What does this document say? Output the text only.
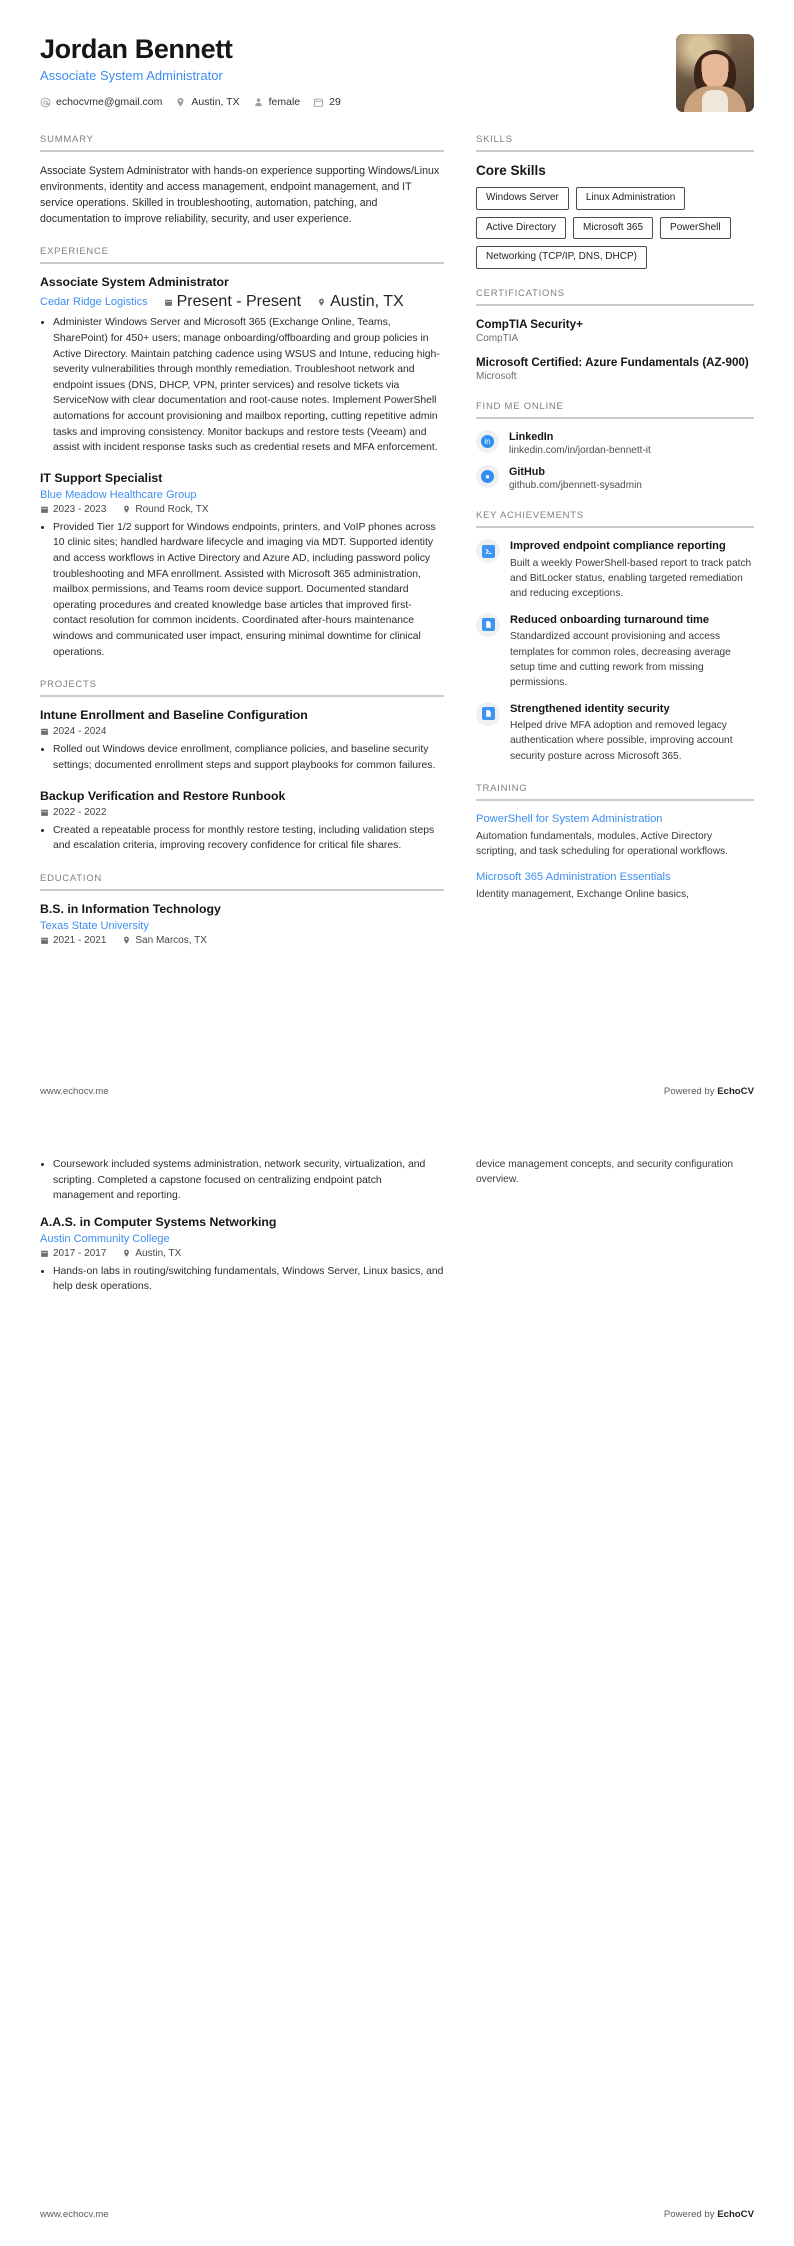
Jordan Bennett
Associate System Administrator
echocvme@gmail.com	Austin, TX	female	29
SUMMARY
Associate System Administrator with hands-on experience supporting Windows/Linux environments, identity and access management, endpoint management, and IT service operations. Skilled in troubleshooting, automation, patching, and documentation to improve reliability, security, and user experience.
EXPERIENCE
Associate System Administrator
Cedar Ridge Logistics Present - Present Austin, TX
• Administer Windows Server and Microsoft 365 (Exchange Online, Teams, SharePoint) for 450+ users; manage onboarding/offboarding and group policies in Active Directory. Maintain patching cadence using WSUS and Intune, reducing high-severity vulnerabilities through monthly remediation. Troubleshoot network and endpoint issues (DNS, DHCP, VPN, printer services) and resolve tickets via ServiceNow with clear documentation and root-cause notes. Implement PowerShell automations for account provisioning and mailbox reporting, cutting repetitive admin tasks and improving consistency. Monitor backups and restore tests (Veeam) and assist with incident response tasks such as credential resets and MFA enforcement.
IT Support Specialist
Blue Meadow Healthcare Group
2023 - 2023	Round Rock, TX
• Provided Tier 1/2 support for Windows endpoints, printers, and VoIP phones across 10 clinic sites; handled hardware lifecycle and imaging via MDT. Supported identity and access workflows in Active Directory and Azure AD, including password policy troubleshooting and MFA enrollment. Assisted with Microsoft 365 administration, mailbox permissions, and Teams room device support. Documented standard operating procedures and created knowledge base articles that improved first-contact resolution for common incidents. Coordinated after-hours maintenance windows and communicated user impact, ensuring minimal downtime for clinical operations.
PROJECTS
Intune Enrollment and Baseline Configuration
2024 - 2024
• Rolled out Windows device enrollment, compliance policies, and baseline security settings; documented enrollment steps and support playbooks for common failures.
Backup Verification and Restore Runbook
2022 - 2022
• Created a repeatable process for monthly restore testing, including validation steps and escalation criteria, improving recovery confidence for critical file shares.
EDUCATION
B.S. in Information Technology
Texas State University
2021 - 2021	San Marcos, TX
SKILLS
Core Skills
Windows Server	Linux Administration
Active Directory	Microsoft 365	PowerShell
Networking (TCP/IP, DNS, DHCP)
CERTIFICATIONS
CompTIA Security+
CompTIA
Microsoft Certified: Azure Fundamentals (AZ-900)
Microsoft
FIND ME ONLINE
in	LinkedIn
linkedin.com/in/jordan-bennett-it
●	GitHub
github.com/jbennett-sysadmin
KEY ACHIEVEMENTS
Improved endpoint compliance reporting
Built a weekly PowerShell-based report to track patch and BitLocker status, enabling targeted remediation and reducing exceptions.
Reduced onboarding turnaround time
Standardized account provisioning and access templates for common roles, decreasing average setup time and cutting rework from missing permissions.
Strengthened identity security
Helped drive MFA adoption and removed legacy authentication where possible, improving account security posture across Microsoft 365.
TRAINING
PowerShell for System Administration
Automation fundamentals, modules, Active Directory scripting, and task scheduling for operational workflows.
Microsoft 365 Administration Essentials
Identity management, Exchange Online basics,
www.echocv.me	Powered by EchoCV
• Coursework included systems administration, network security, virtualization, and scripting. Completed a capstone focused on centralizing endpoint patch management and reporting.
A.A.S. in Computer Systems Networking
Austin Community College
2017 - 2017	Austin, TX
• Hands-on labs in routing/switching fundamentals, Windows Server, Linux basics, and help desk operations.
device management concepts, and security configuration overview.
www.echocv.me	Powered by EchoCV
